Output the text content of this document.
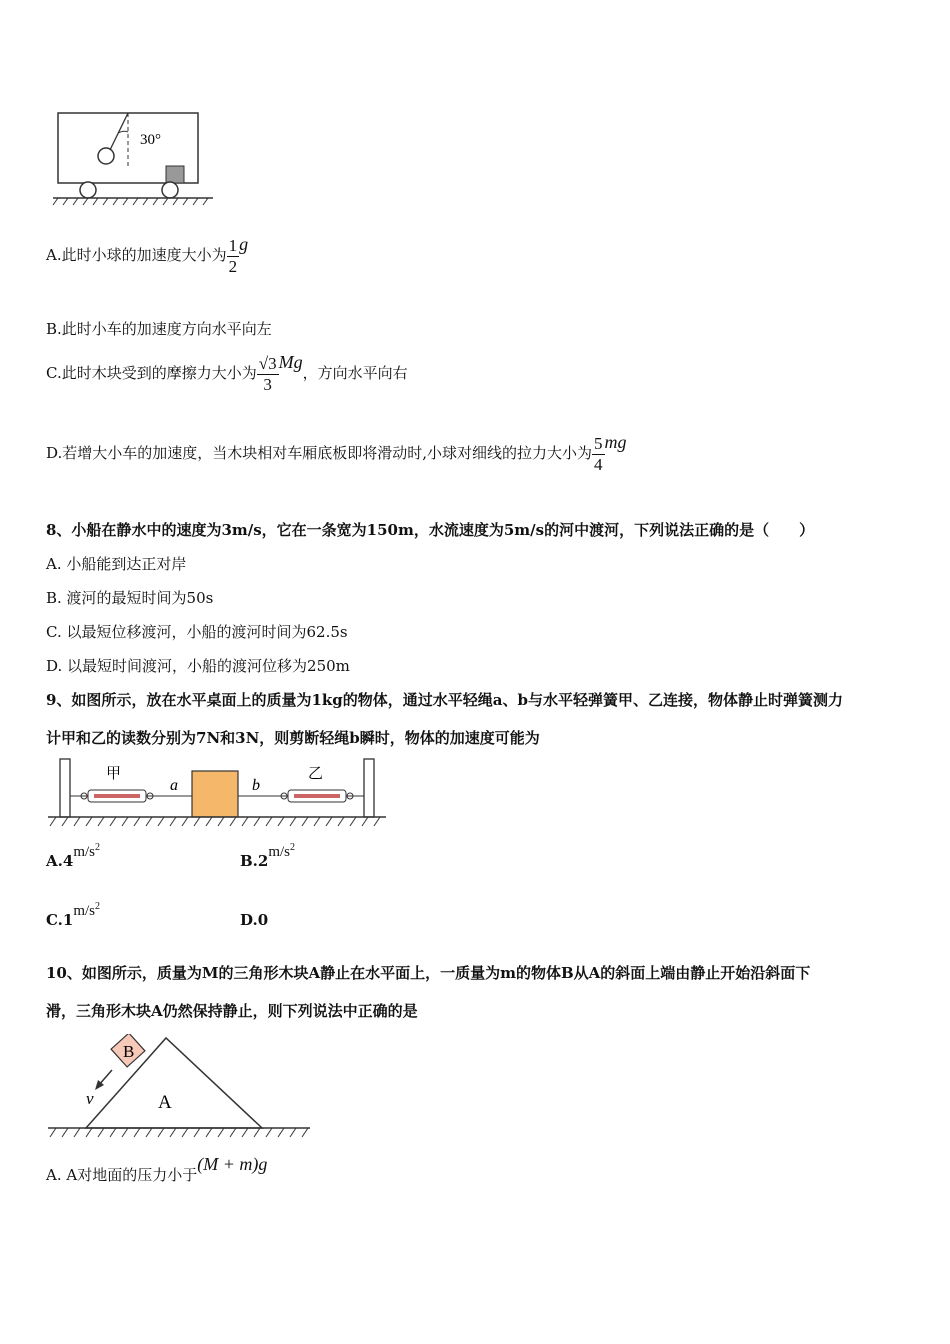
30°
A.此时小球的加速度大小为 $\frac{1}{2}$ g
B.此时小车的加速度方向水平向左
C.此时木块受到的摩擦力大小为 $\frac{√3}{3}$ Mg，方向水平向右
D.若增大小车的加速度，当木块相对车厢底板即将滑动时,小球对细线的拉力大小为 $\frac{5}{4}$ mg
8、小船在静水中的速度为3m/s，它在一条宽为150m，水流速度为5m/s的河中渡河，下列说法正确的是（　　）
A. 小船能到达正对岸
B. 渡河的最短时间为50s
C. 以最短位移渡河，小船的渡河时间为62.5s
D. 以最短时间渡河，小船的渡河位移为250m
9、如图所示，放在水平桌面上的质量为1kg的物体，通过水平轻绳a、b与水平轻弹簧甲、乙连接，物体静止时弹簧测力
计甲和乙的读数分别为7N和3N，则剪断轻绳b瞬时，物体的加速度可能为
甲	乙
a	b
$A.4m/s^2$
$B.2m/s^2$
$C.1m/s^2$
D.0
10、如图所示，质量为M的三角形木块A静止在水平面上，一质量为m的物体B从A的斜面上端由静止开始沿斜面下
滑，三角形木块A仍然保持静止，则下列说法中正确的是
B
A
v
A. A对地面的压力小于(M + m)g
